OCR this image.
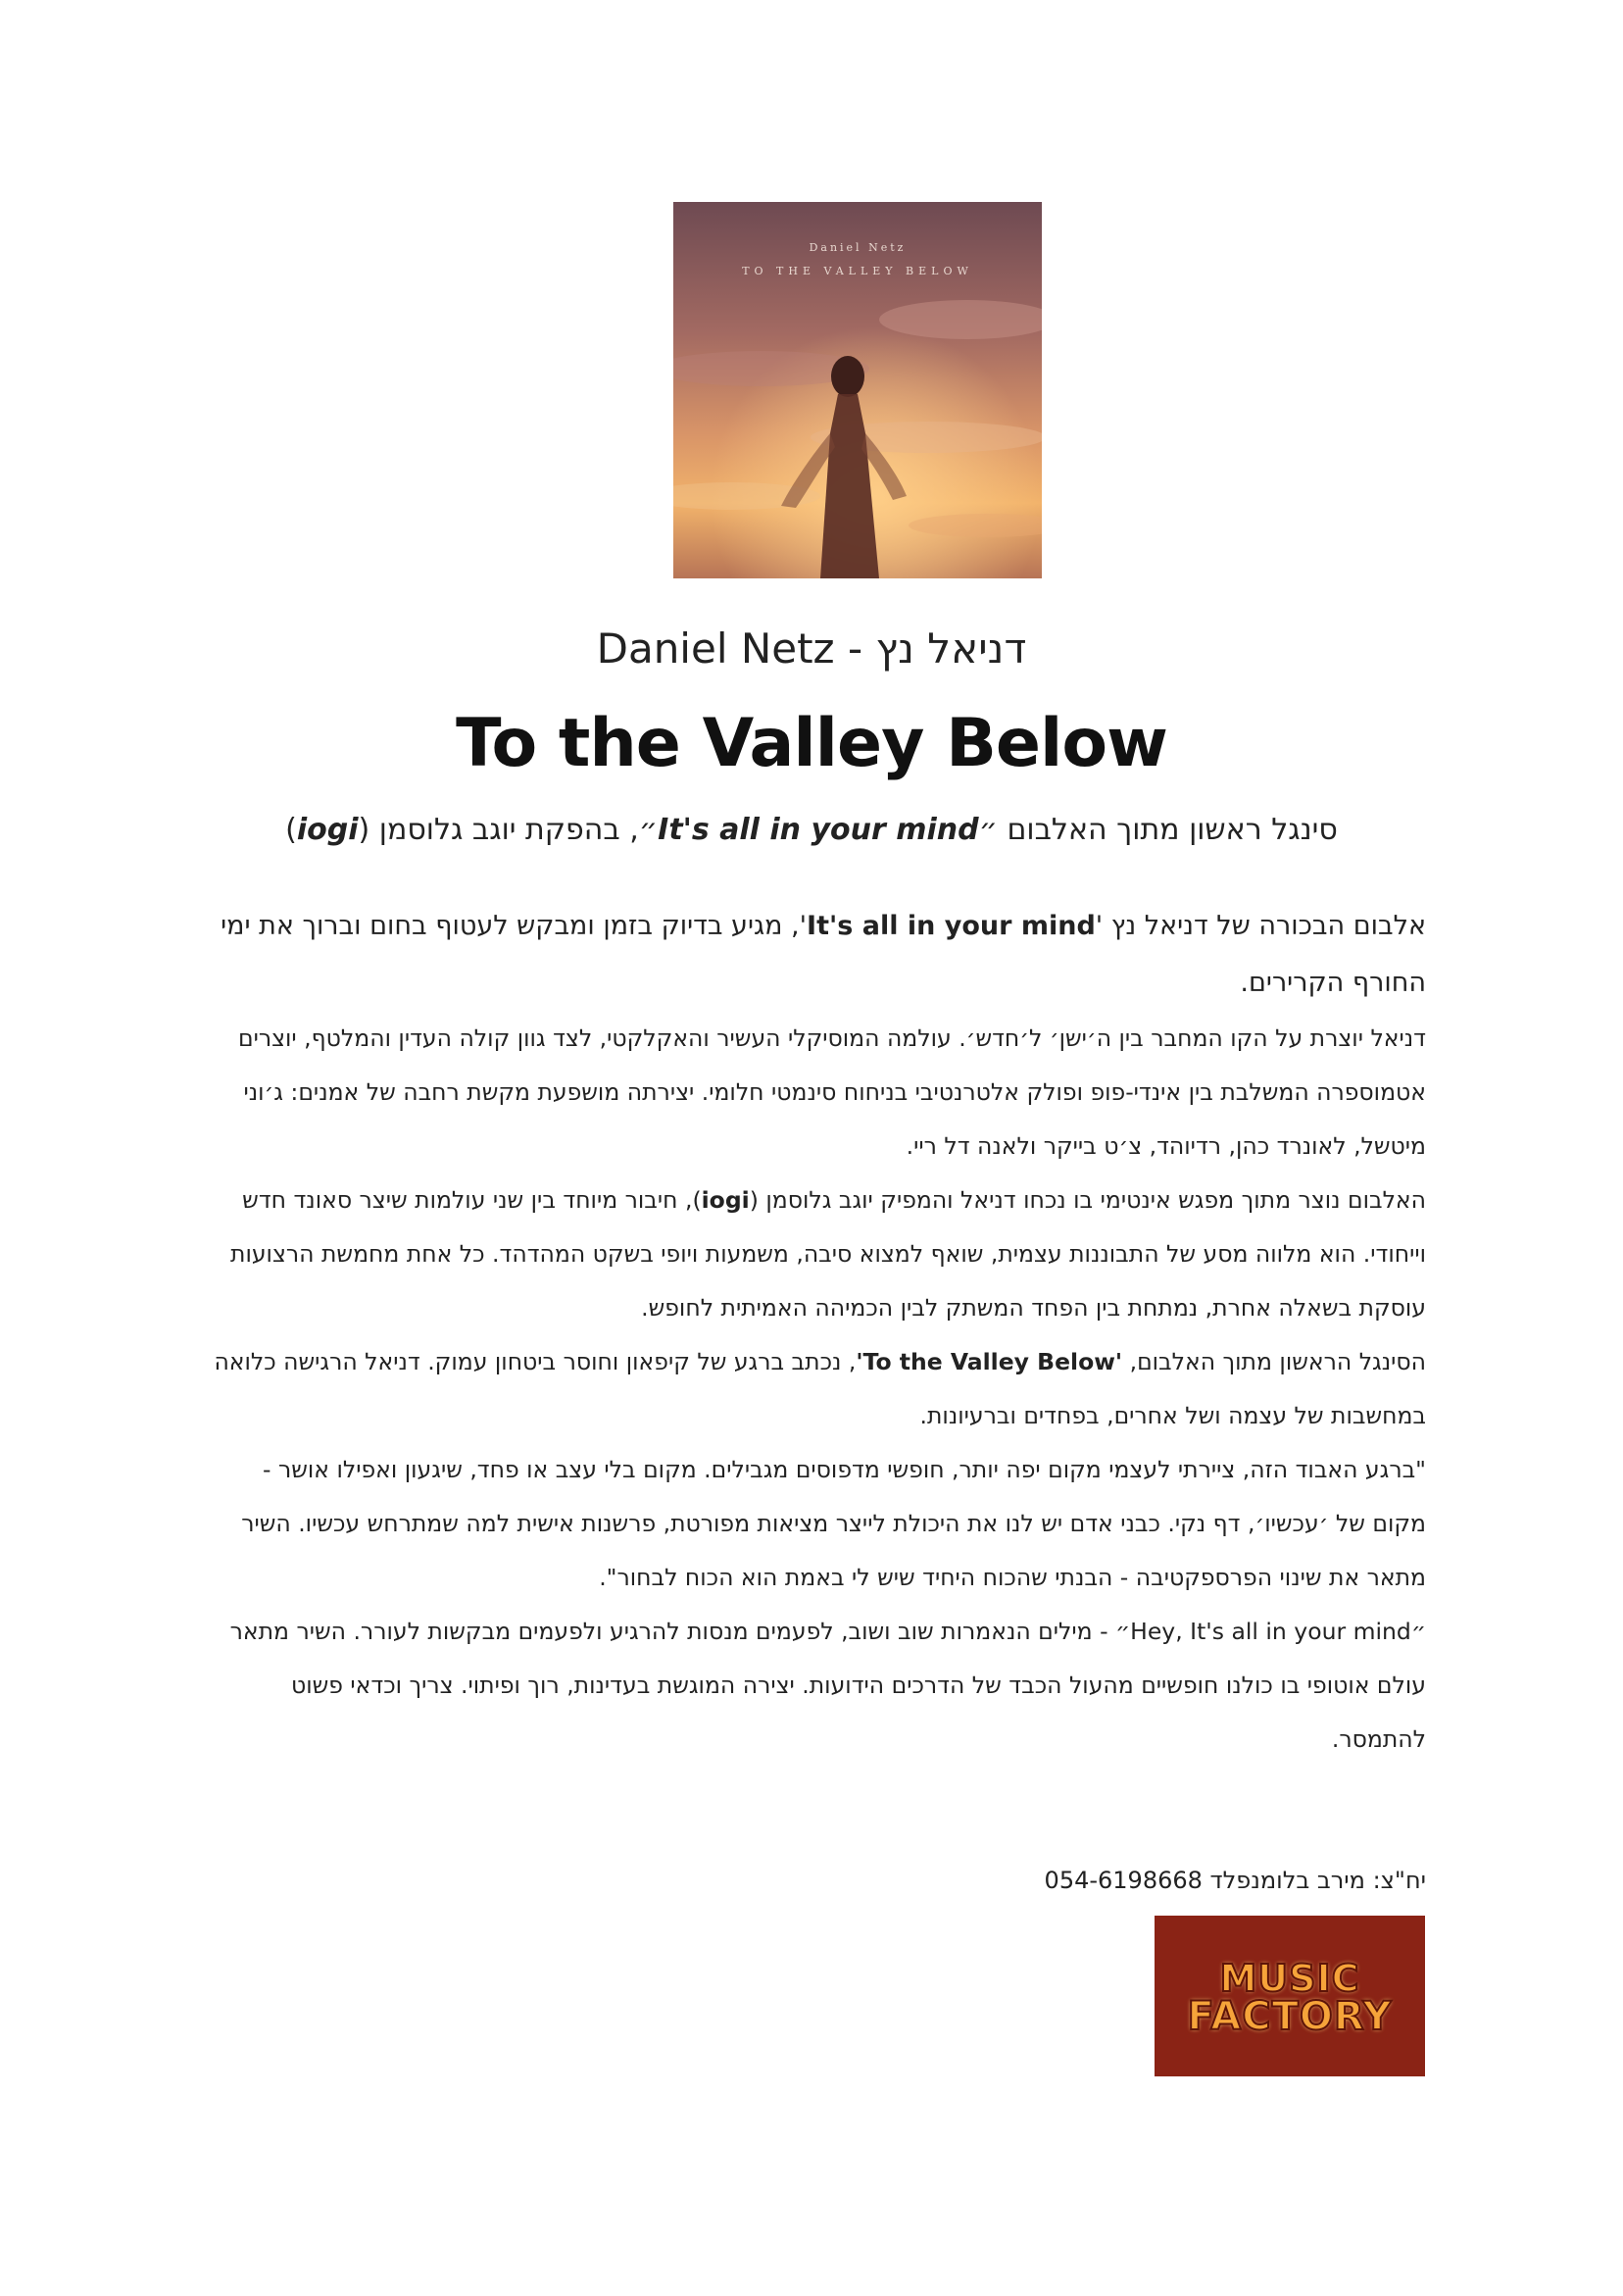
Daniel Netz
TO THE VALLEY BELOW
Daniel Netz - דניאל נץ
To the Valley Below
סינגל ראשון מתוך האלבום ״It's all in your mind״, בהפקת יוגב גלוסמן (iogi)

אלבום הבכורה של דניאל נץ 'It's all in your mind', מגיע בדיוק בזמן ומבקש לעטוף בחום וברוך את ימי החורף הקרירים.

דניאל יוצרת על הקו המחבר בין ה׳ישן׳ ל׳חדש׳. עולמה המוסיקלי העשיר והאקלקטי, לצד גוון קולה העדין והמלטף, יוצרים אטמוספרה המשלבת בין אינדי-פופ ופולק אלטרנטיבי בניחוח סינמטי חלומי. יצירתה מושפעת מקשת רחבה של אמנים: ג׳וני מיטשל, לאונרד כהן, רדיוהד, צ׳ט בייקר ולאנה דל ריי.

האלבום נוצר מתוך מפגש אינטימי בו נכחו דניאל והמפיק יוגב גלוסמן (iogi), חיבור מיוחד בין שני עולמות שיצר סאונד חדש וייחודי. הוא מלווה מסע של התבוננות עצמית, שואף למצוא סיבה, משמעות ויופי בשקט המהדהד. כל אחת מחמשת הרצועות עוסקת בשאלה אחרת, נמתחת בין הפחד המשתק לבין הכמיהה האמיתית לחופש.

הסינגל הראשון מתוך האלבום, 'To the Valley Below', נכתב ברגע של קיפאון וחוסר ביטחון עמוק. דניאל הרגישה כלואה במחשבות של עצמה ושל אחרים, בפחדים וברעיונות.

"ברגע האבוד הזה, ציירתי לעצמי מקום יפה יותר, חופשי מדפוסים מגבילים. מקום בלי עצב או פחד, שיגעון ואפילו אושר - מקום של ׳עכשיו׳, דף נקי. כבני אדם יש לנו את היכולת לייצר מציאות מפורטת, פרשנות אישית למה שמתרחש עכשיו. השיר מתאר את שינוי הפרספקטיבה - הבנתי שהכוח היחיד שיש לי באמת הוא הכוח לבחור".

״Hey, It's all in your mind״ - מילים הנאמרות שוב ושוב, לפעמים מנסות להרגיע ולפעמים מבקשות לעורר. השיר מתאר עולם אוטופי בו כולנו חופשיים מהעול הכבד של הדרכים הידועות. יצירה המוגשת בעדינות, רוך ופיתוי. צריך וכדאי פשוט להתמסר.

יח"צ: מירב בלומנפלד 054-6198668
MUSIC
FACTORY
